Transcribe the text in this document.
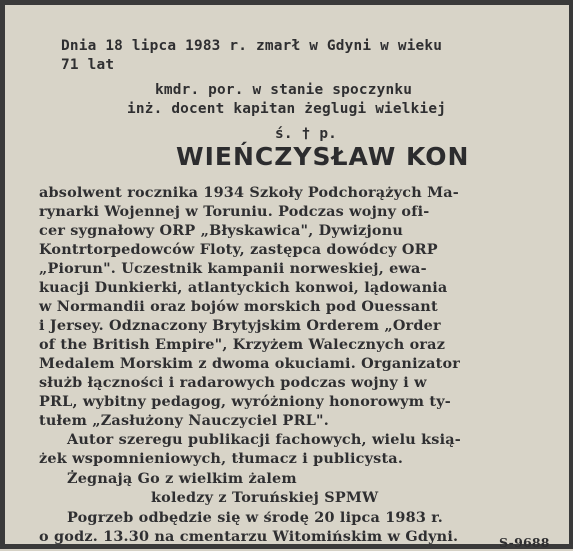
Dnia 18 lipca 1983 r. zmarł w Gdyni w wieku
71 lat
kmdr. por. w stanie spoczynku
inż. docent kapitan żeglugi wielkiej
ś. † p.
WIEŃCZYSŁAW KON
absolwent rocznika 1934 Szkoły Podchorążych Ma-
rynarki Wojennej w Toruniu. Podczas wojny ofi-
cer sygnałowy ORP „Błyskawica", Dywizjonu
Kontrtorpedowców Floty, zastępca dowódcy ORP
„Piorun". Uczestnik kampanii norweskiej, ewa-
kuacji Dunkierki, atlantyckich konwoi, lądowania
w Normandii oraz bojów morskich pod Ouessant
i Jersey. Odznaczony Brytyjskim Orderem „Order
of the British Empire", Krzyżem Walecznych oraz
Medalem Morskim z dwoma okuciami. Organizator
służb łączności i radarowych podczas wojny i w
PRL, wybitny pedagog, wyróżniony honorowym ty-
tułem „Zasłużony Nauczyciel PRL".
Autor szeregu publikacji fachowych, wielu ksią-
żek wspomnieniowych, tłumacz i publicysta.
Żegnają Go z wielkim żalem
koledzy z Toruńskiej SPMW
Pogrzeb odbędzie się w środę 20 lipca 1983 r.
o godz. 13.30 na cmentarzu Witomińskim w Gdyni.	S-9688
